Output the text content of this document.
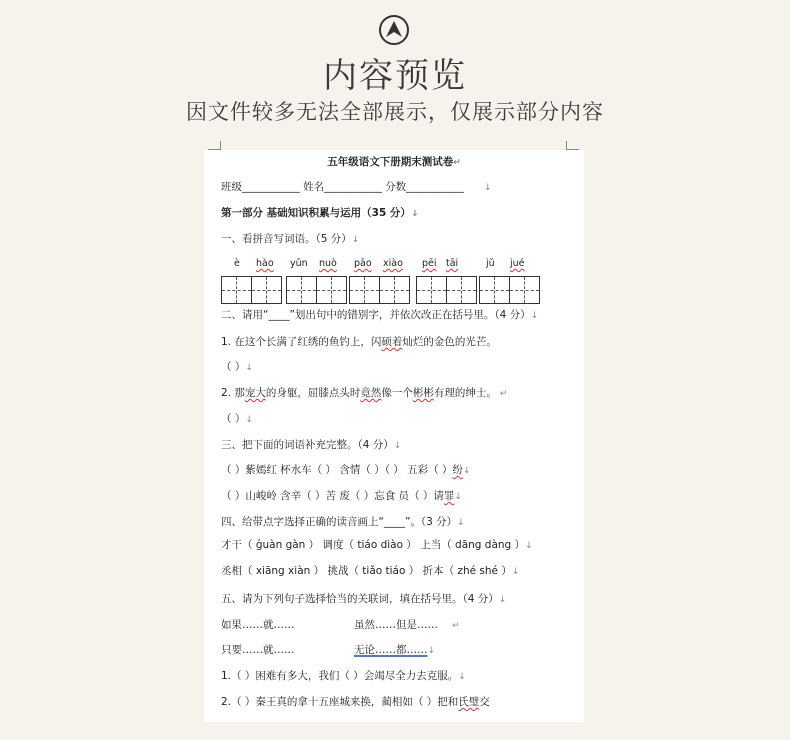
内容预览
因文件较多无法全部展示，仅展示部分内容
五年级语文下册期末测试卷↵
班级___________ 姓名___________ 分数___________ ↓
第一部分 基础知识积累与运用（35 分）↓
一、看拼音写词语。（5 分）↓
è hào yǔn nuò pāo xiào pēi tāi	jǔ jué
二、请用“____”划出句中的错别字，并依次改正在括号里。（4 分）↓
1. 在这个长满了红绣的鱼钓上，闪硕着灿烂的金色的光芒。
（ ）↓
2. 那宠大的身躯，屈膝点头时竟然像一个彬彬有理的绅士。 ↵
（ ）↓
三、把下面的词语补充完整。（4 分）↓
（ ）紫嫣红 杯水车（ ） 含情（ ）（ ） 五彩（ ）纷↓
（ ）山峻岭 含辛（ ）苦 废（ ）忘食 员（ ）请罪↓
四、给带点字选择正确的读音画上“____”。（3 分）↓
才干（ ǵuàn gàn ） 调度（ tiáo diào ） 上当（ dāng dàng ）↓
丞相（ xiāng xiàn ） 挑战（ tiǎo tiáo ） 折本（ zhé shé ）↓
五、请为下列句子选择恰当的关联词，填在括号里。（4 分）↓
如果……就……	虽然……但是…… ↵
只要……就……	无论……都……↓
1.（ ）困难有多大，我们（ ）会竭尽全力去克服。↓
2.（ ）秦王真的拿十五座城来换，蔺相如（ ）把和氏璧交
